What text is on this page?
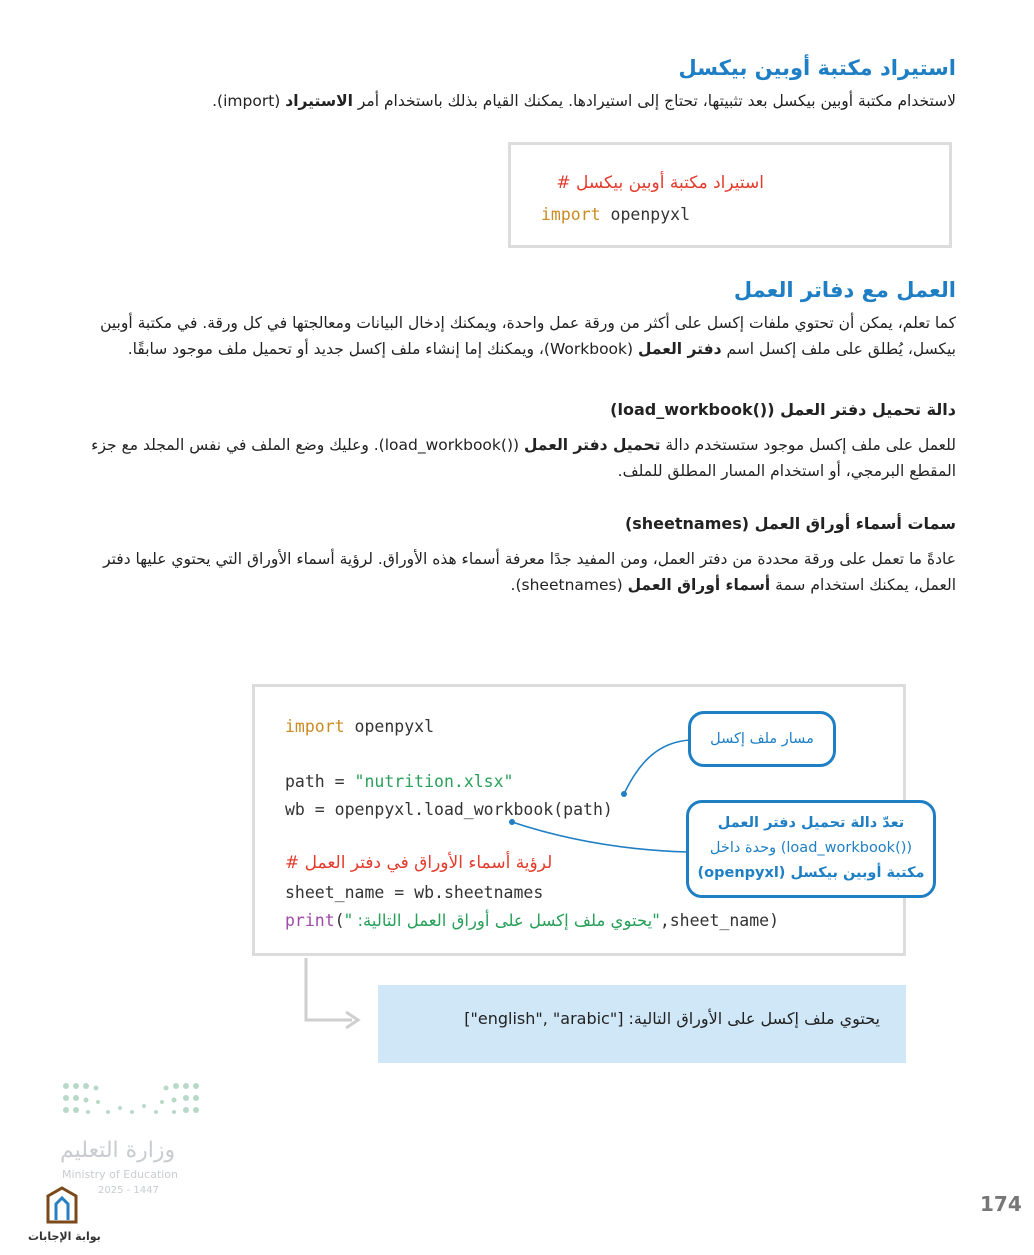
استيراد مكتبة أوبين بيكسل
لاستخدام مكتبة أوبين بيكسل بعد تثبيتها، تحتاج إلى استيرادها. يمكنك القيام بذلك باستخدام أمر الاستيراد (import).
استيراد مكتبة أوبين بيكسل #
import openpyxl
العمل مع دفاتر العمل
كما تعلم، يمكن أن تحتوي ملفات إكسل على أكثر من ورقة عمل واحدة، ويمكنك إدخال البيانات ومعالجتها في كل ورقة. في مكتبة أوبين بيكسل، يُطلق على ملف إكسل اسم دفتر العمل (Workbook)، ويمكنك إما إنشاء ملف إكسل جديد أو تحميل ملف موجود سابقًا.
دالة تحميل دفتر العمل (()load_workbook)
للعمل على ملف إكسل موجود ستستخدم دالة تحميل دفتر العمل (()load_workbook). وعليك وضع الملف في نفس المجلد مع جزء المقطع البرمجي، أو استخدام المسار المطلق للملف.
سمات أسماء أوراق العمل (sheetnames)
عادةً ما تعمل على ورقة محددة من دفتر العمل، ومن المفيد جدًا معرفة أسماء هذه الأوراق. لرؤية أسماء الأوراق التي يحتوي عليها دفتر العمل، يمكنك استخدام سمة أسماء أوراق العمل (sheetnames).
import openpyxl
path = "nutrition.xlsx"
wb = openpyxl.load_workbook(path)
لرؤية أسماء الأوراق في دفتر العمل #
sheet_name = wb.sheetnames
print("يحتوي ملف إكسل على أوراق العمل التالية: ",sheet_name)
مسار ملف إكسل
تعدّ دالة تحميل دفتر العمل
(()load_workbook) وحدة داخل
مكتبة أوبين بيكسل (openpyxl)
يحتوي ملف إكسل على الأوراق التالية: ["english", "arabic"]
وزارة التعليم
Ministry of Education
2025 - 1447
بوابة الإجابات
174
